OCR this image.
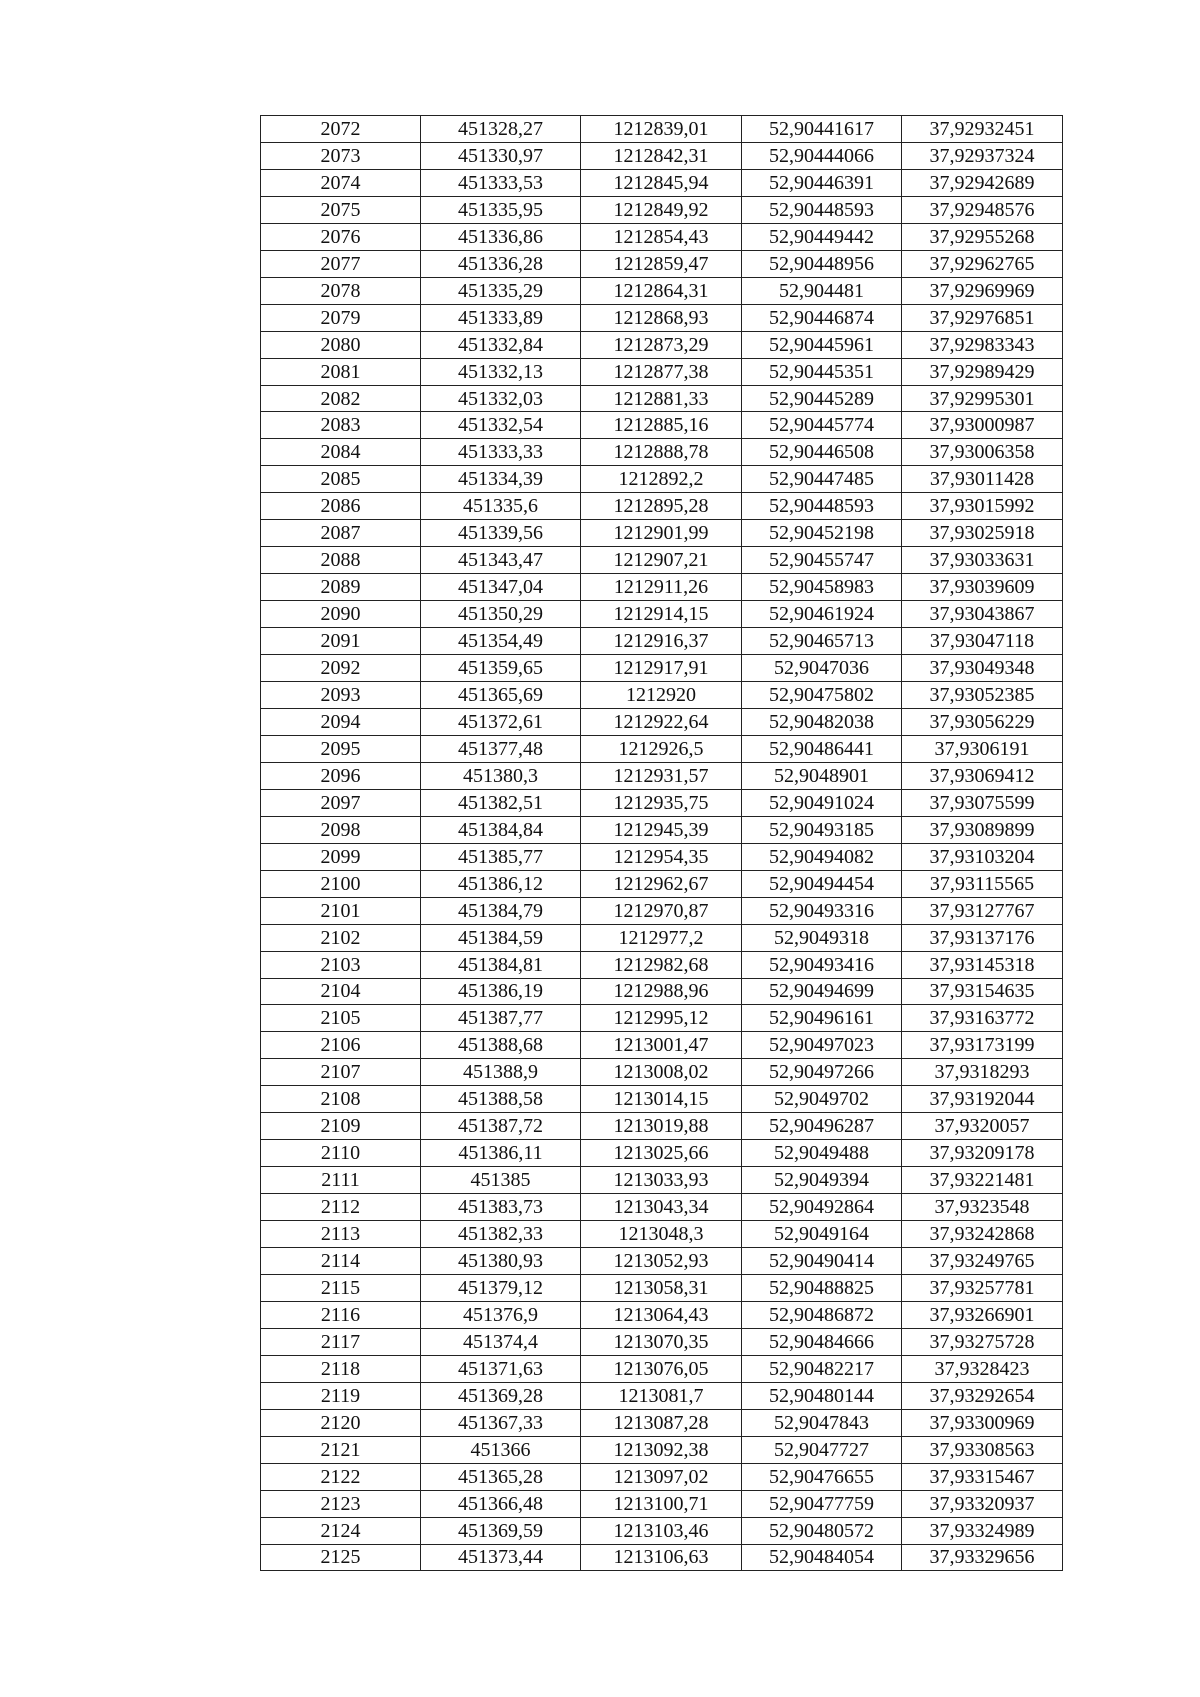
2072	451328,27	1212839,01	52,90441617	37,92932451
2073	451330,97	1212842,31	52,90444066	37,92937324
2074	451333,53	1212845,94	52,90446391	37,92942689
2075	451335,95	1212849,92	52,90448593	37,92948576
2076	451336,86	1212854,43	52,90449442	37,92955268
2077	451336,28	1212859,47	52,90448956	37,92962765
2078	451335,29	1212864,31	52,904481	37,92969969
2079	451333,89	1212868,93	52,90446874	37,92976851
2080	451332,84	1212873,29	52,90445961	37,92983343
2081	451332,13	1212877,38	52,90445351	37,92989429
2082	451332,03	1212881,33	52,90445289	37,92995301
2083	451332,54	1212885,16	52,90445774	37,93000987
2084	451333,33	1212888,78	52,90446508	37,93006358
2085	451334,39	1212892,2	52,90447485	37,93011428
2086	451335,6	1212895,28	52,90448593	37,93015992
2087	451339,56	1212901,99	52,90452198	37,93025918
2088	451343,47	1212907,21	52,90455747	37,93033631
2089	451347,04	1212911,26	52,90458983	37,93039609
2090	451350,29	1212914,15	52,90461924	37,93043867
2091	451354,49	1212916,37	52,90465713	37,93047118
2092	451359,65	1212917,91	52,9047036	37,93049348
2093	451365,69	1212920	52,90475802	37,93052385
2094	451372,61	1212922,64	52,90482038	37,93056229
2095	451377,48	1212926,5	52,90486441	37,9306191
2096	451380,3	1212931,57	52,9048901	37,93069412
2097	451382,51	1212935,75	52,90491024	37,93075599
2098	451384,84	1212945,39	52,90493185	37,93089899
2099	451385,77	1212954,35	52,90494082	37,93103204
2100	451386,12	1212962,67	52,90494454	37,93115565
2101	451384,79	1212970,87	52,90493316	37,93127767
2102	451384,59	1212977,2	52,9049318	37,93137176
2103	451384,81	1212982,68	52,90493416	37,93145318
2104	451386,19	1212988,96	52,90494699	37,93154635
2105	451387,77	1212995,12	52,90496161	37,93163772
2106	451388,68	1213001,47	52,90497023	37,93173199
2107	451388,9	1213008,02	52,90497266	37,9318293
2108	451388,58	1213014,15	52,9049702	37,93192044
2109	451387,72	1213019,88	52,90496287	37,9320057
2110	451386,11	1213025,66	52,9049488	37,93209178
2111	451385	1213033,93	52,9049394	37,93221481
2112	451383,73	1213043,34	52,90492864	37,9323548
2113	451382,33	1213048,3	52,9049164	37,93242868
2114	451380,93	1213052,93	52,90490414	37,93249765
2115	451379,12	1213058,31	52,90488825	37,93257781
2116	451376,9	1213064,43	52,90486872	37,93266901
2117	451374,4	1213070,35	52,90484666	37,93275728
2118	451371,63	1213076,05	52,90482217	37,9328423
2119	451369,28	1213081,7	52,90480144	37,93292654
2120	451367,33	1213087,28	52,9047843	37,93300969
2121	451366	1213092,38	52,9047727	37,93308563
2122	451365,28	1213097,02	52,90476655	37,93315467
2123	451366,48	1213100,71	52,90477759	37,93320937
2124	451369,59	1213103,46	52,90480572	37,93324989
2125	451373,44	1213106,63	52,90484054	37,93329656
